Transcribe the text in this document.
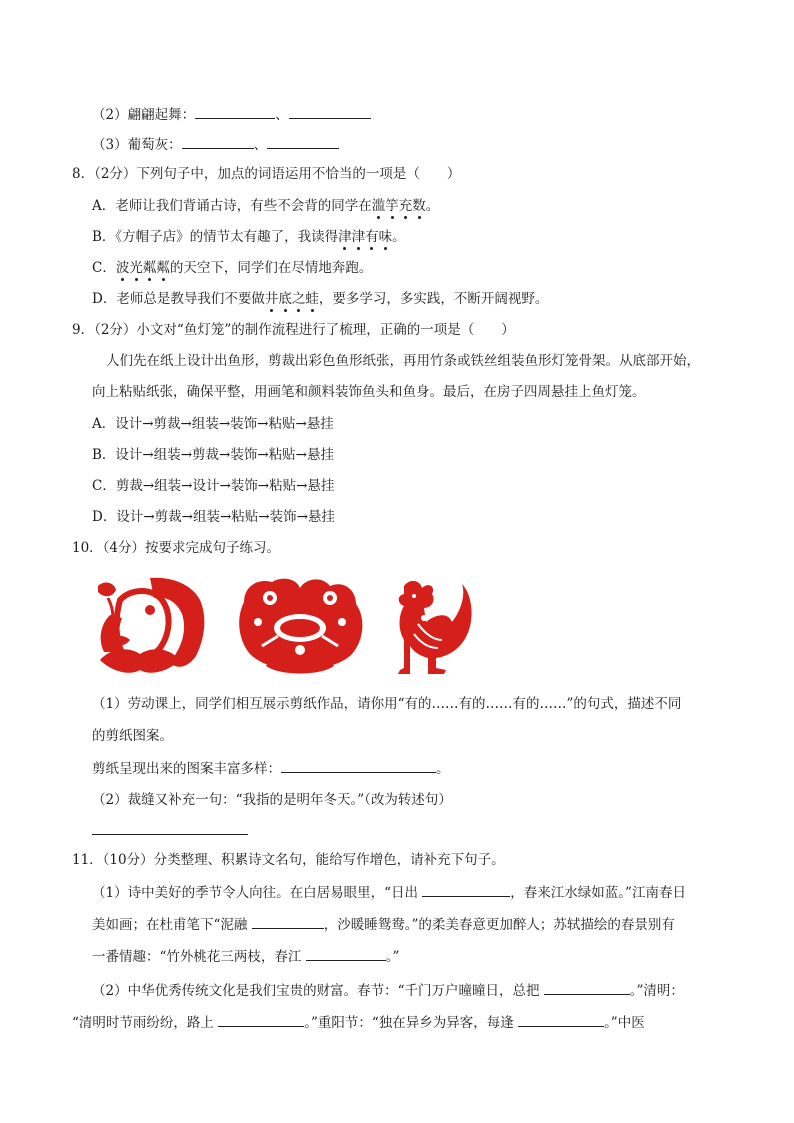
（2）翩翩起舞：	、
（3）葡萄灰：	、
8．（2分）下列句子中，加点的词语运用不恰当的一项是（　　）
A．老师让我们背诵古诗，有些不会背的同学在滥竽充数。
B．《方帽子店》的情节太有趣了，我读得津津有味。
C．波光粼粼的天空下，同学们在尽情地奔跑。
D．老师总是教导我们不要做井底之蛙，要多学习，多实践，不断开阔视野。
9．（2分）小文对“鱼灯笼”的制作流程进行了梳理，正确的一项是（　　）
人们先在纸上设计出鱼形，剪裁出彩色鱼形纸张，再用竹条或铁丝组装鱼形灯笼骨架。从底部开始，
向上粘贴纸张，确保平整，用画笔和颜料装饰鱼头和鱼身。最后，在房子四周悬挂上鱼灯笼。
A．设计→剪裁→组装→装饰→粘贴→悬挂
B．设计→组装→剪裁→装饰→粘贴→悬挂
C．剪裁→组装→设计→装饰→粘贴→悬挂
D．设计→剪裁→组装→粘贴→装饰→悬挂
10．（4分）按要求完成句子练习。
（1）劳动课上，同学们相互展示剪纸作品，请你用“有的……有的……有的……”的句式，描述不同
的剪纸图案。
剪纸呈现出来的图案丰富多样：	。
（2）裁缝又补充一句：“我指的是明年冬天。”（改为转述句）
11．（10分）分类整理、积累诗文名句，能给写作增色，请补充下句子。
（1）诗中美好的季节令人向往。在白居易眼里，“日出	，春来江水绿如蓝。”江南春日
美如画；在杜甫笔下“泥融	，沙暖睡鸳鸯。”的柔美春意更加醉人；苏轼描绘的春景别有
一番情趣：“竹外桃花三两枝，春江	。”
（2）中华优秀传统文化是我们宝贵的财富。春节：“千门万户曈曈日，总把	。”清明：
“清明时节雨纷纷，路上	。”重阳节：“独在异乡为异客，每逢	。”中医
